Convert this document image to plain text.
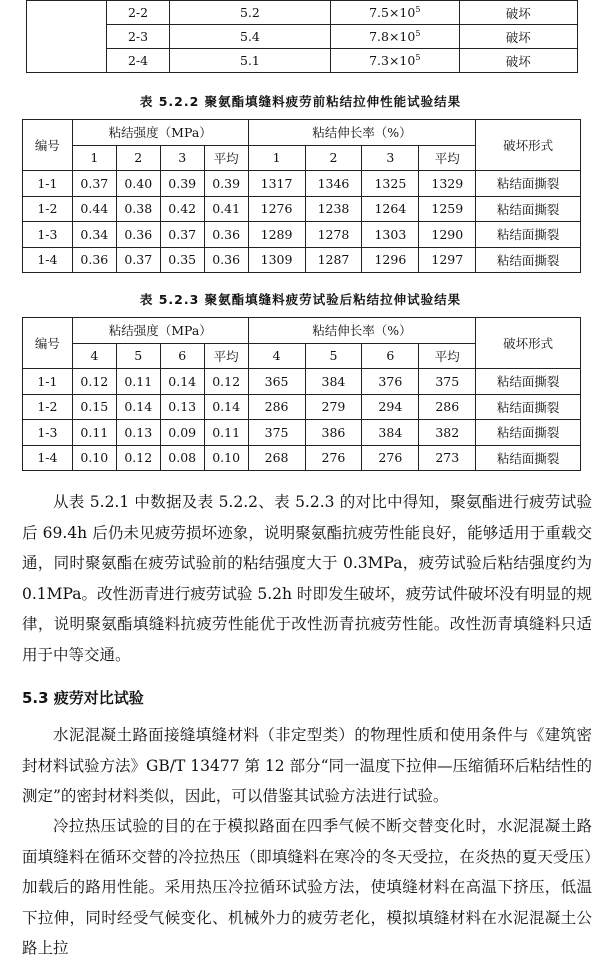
	2-2	5.2	$7.5\times 10^5$	破坏
	2-3	5.4	$7.8\times 10^5$	破坏
	2-4	5.1	$7.3\times 10^5$	破坏
表 5.2.2 聚氨酯填缝料疲劳前粘结拉伸性能试验结果
编号	粘结强度（MPa）				粘结伸长率（%）				破坏形式
	1	2	3	平均	1	2	3	平均	
1-1	0.37	0.40	0.39	0.39	1317	1346	1325	1329	粘结面撕裂
1-2	0.44	0.38	0.42	0.41	1276	1238	1264	1259	粘结面撕裂
1-3	0.34	0.36	0.37	0.36	1289	1278	1303	1290	粘结面撕裂
1-4	0.36	0.37	0.35	0.36	1309	1287	1296	1297	粘结面撕裂
表 5.2.3 聚氨酯填缝料疲劳试验后粘结拉伸试验结果
编号	粘结强度（MPa）				粘结伸长率（%）				破坏形式
	4	5	6	平均	4	5	6	平均	
1-1	0.12	0.11	0.14	0.12	365	384	376	375	粘结面撕裂
1-2	0.15	0.14	0.13	0.14	286	279	294	286	粘结面撕裂
1-3	0.11	0.13	0.09	0.11	375	386	384	382	粘结面撕裂
1-4	0.10	0.12	0.08	0.10	268	276	276	273	粘结面撕裂

从表 5.2.1 中数据及表 5.2.2、表 5.2.3 的对比中得知，聚氨酯进行疲劳试验后 69.4h 后仍未见疲劳损坏迹象，说明聚氨酯抗疲劳性能良好，能够适用于重载交通，同时聚氨酯在疲劳试验前的粘结强度大于 0.3MPa，疲劳试验后粘结强度约为 0.1MPa。改性沥青进行疲劳试验 5.2h 时即发生破坏，疲劳试件破坏没有明显的规律，说明聚氨酯填缝料抗疲劳性能优于改性沥青抗疲劳性能。改性沥青填缝料只适用于中等交通。

5.3 疲劳对比试验

水泥混凝土路面接缝填缝材料（非定型类）的物理性质和使用条件与《建筑密封材料试验方法》GB/T 13477 第 12 部分“同一温度下拉伸—压缩循环后粘结性的测定”的密封材料类似，因此，可以借鉴其试验方法进行试验。

冷拉热压试验的目的在于模拟路面在四季气候不断交替变化时，水泥混凝土路面填缝料在循环交替的冷拉热压（即填缝料在寒冷的冬天受拉，在炎热的夏天受压）加载后的路用性能。采用热压冷拉循环试验方法，使填缝材料在高温下挤压，低温下拉伸，同时经受气候变化、机械外力的疲劳老化，模拟填缝材料在水泥混凝土公路上拉
